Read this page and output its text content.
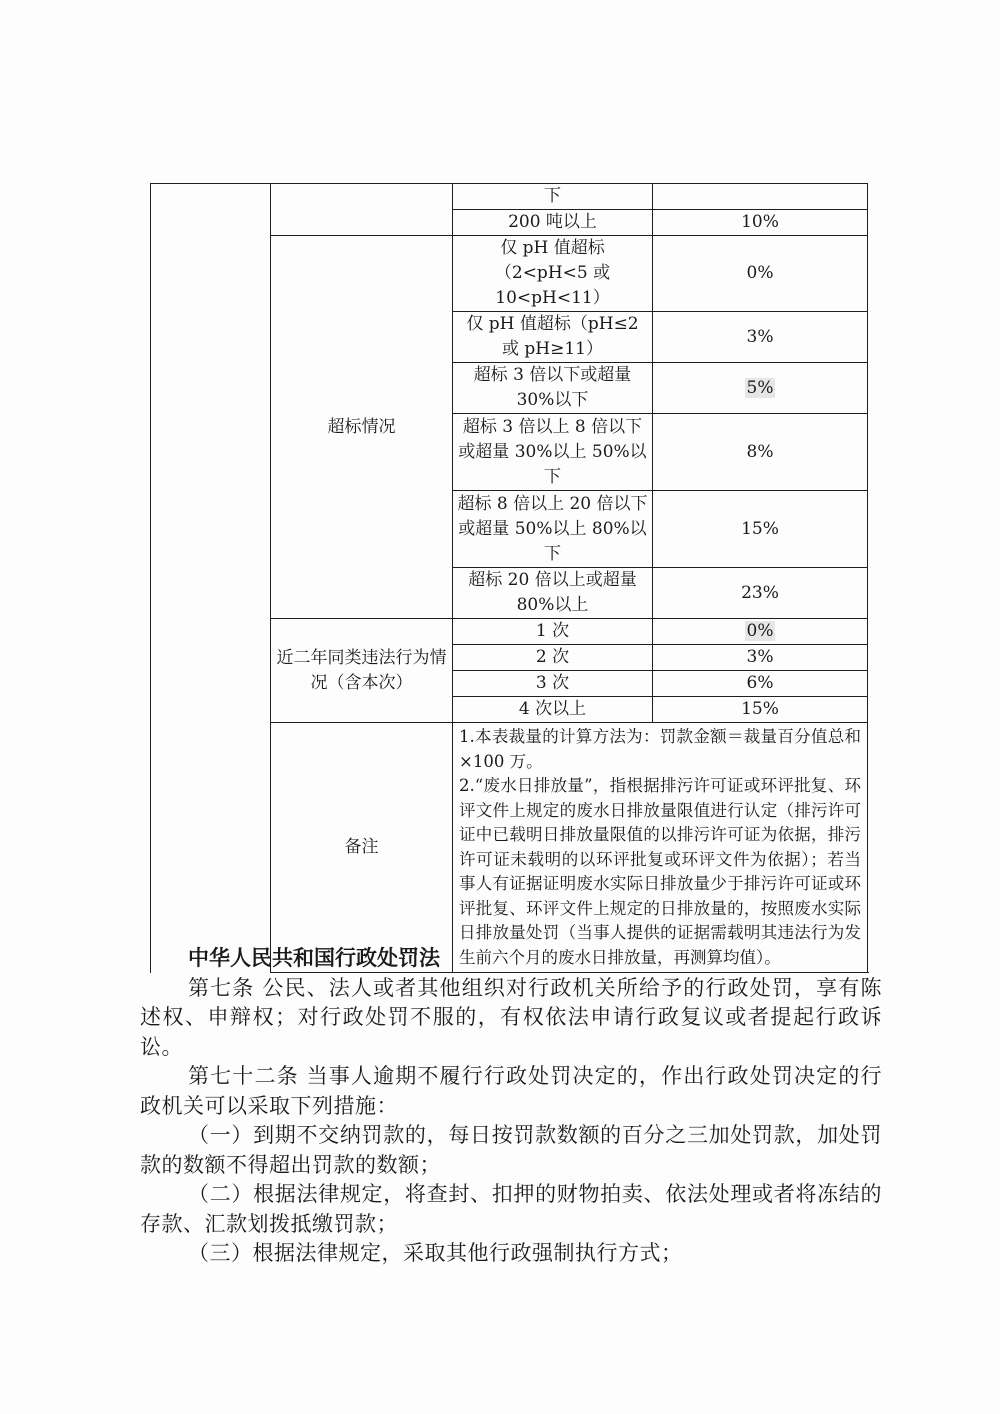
		下	
		200 吨以上	10%
	超标情况	仅 pH 值超标（2<pH<5 或 10<pH<11）	0%
		仅 pH 值超标（pH≤2 或 pH≥11）	3%
		超标 3 倍以下或超量 30%以下	5%
		超标 3 倍以上 8 倍以下或超量 30%以上 50%以下	8%
		超标 8 倍以上 20 倍以下或超量 50%以上 80%以下	15%
		超标 20 倍以上或超量 80%以上	23%
	近二年同类违法行为情况（含本次）	1 次	0%
		2 次	3%
		3 次	6%
		4 次以上	15%
	备注	1.本表裁量的计算方法为：罚款金额＝裁量百分值总和×100 万。

2.“废水日排放量”，指根据排污许可证或环评批复、环评文件上规定的废水日排放量限值进行认定（排污许可证中已载明日排放量限值的以排污许可证为依据，排污许可证未载明的以环评批复或环评文件为依据）；若当事人有证据证明废水实际日排放量少于排污许可证或环评批复、环评文件上规定的日排放量的，按照废水实际日排放量处罚（当事人提供的证据需载明其违法行为发生前六个月的废水日排放量，再测算均值）。	

中华人民共和国行政处罚法

第七条 公民、法人或者其他组织对行政机关所给予的行政处罚，享有陈述权、申辩权；对行政处罚不服的，有权依法申请行政复议或者提起行政诉讼。

第七十二条 当事人逾期不履行行政处罚决定的，作出行政处罚决定的行政机关可以采取下列措施：

（一）到期不交纳罚款的，每日按罚款数额的百分之三加处罚款，加处罚款的数额不得超出罚款的数额；

（二）根据法律规定，将查封、扣押的财物拍卖、依法处理或者将冻结的存款、汇款划拨抵缴罚款；

（三）根据法律规定，采取其他行政强制执行方式；
